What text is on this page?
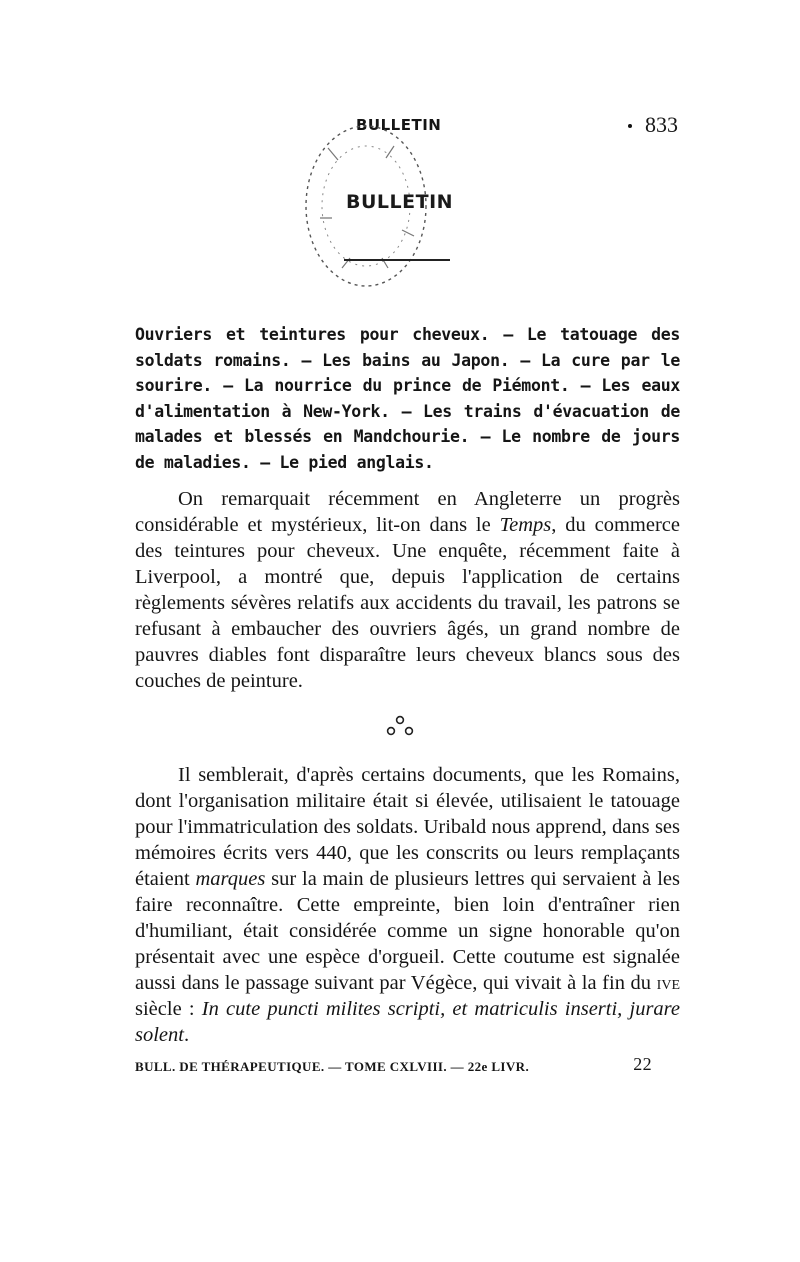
BULLETIN	833
BULLETIN
Ouvriers et teintures pour cheveux. — Le tatouage des soldats romains. — Les bains au Japon. — La cure par le sourire. — La nourrice du prince de Piémont. — Les eaux d'alimentation à New-York. — Les trains d'évacuation de malades et blessés en Mandchourie. — Le nombre de jours de maladies. — Le pied anglais.
On remarquait récemment en Angleterre un progrès considérable et mystérieux, lit-on dans le Temps, du commerce des teintures pour cheveux. Une enquête, récemment faite à Liverpool, a montré que, depuis l'application de certains règlements sévères relatifs aux accidents du travail, les patrons se refusant à embaucher des ouvriers âgés, un grand nombre de pauvres diables font disparaître leurs cheveux blancs sous des couches de peinture.
Il semblerait, d'après certains documents, que les Romains, dont l'organisation militaire était si élevée, utilisaient le tatouage pour l'immatriculation des soldats. Uribald nous apprend, dans ses mémoires écrits vers 440, que les conscrits ou leurs remplaçants étaient marques sur la main de plusieurs lettres qui servaient à les faire reconnaître. Cette empreinte, bien loin d'entraîner rien d'humiliant, était considérée comme un signe honorable qu'on présentait avec une espèce d'orgueil. Cette coutume est signalée aussi dans le passage suivant par Végèce, qui vivait à la fin du ive siècle : In cute puncti milites scripti, et matriculis inserti, jurare solent.
BULL. DE THÉRAPEUTIQUE. — TOME CXLVIII. — 22e LIVR.	22
